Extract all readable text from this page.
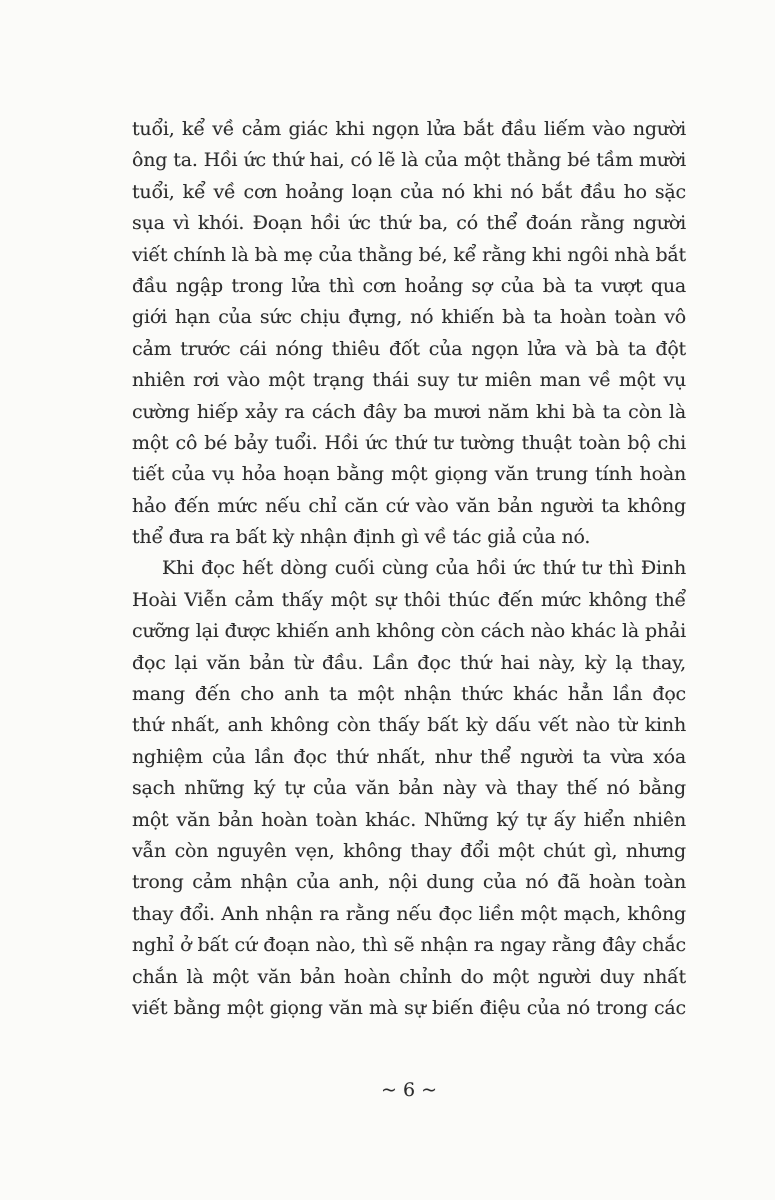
tuổi, kể về cảm giác khi ngọn lửa bắt đầu liếm vào người
ông ta. Hồi ức thứ hai, có lẽ là của một thằng bé tầm mười
tuổi, kể về cơn hoảng loạn của nó khi nó bắt đầu ho sặc
sụa vì khói. Đoạn hồi ức thứ ba, có thể đoán rằng người
viết chính là bà mẹ của thằng bé, kể rằng khi ngôi nhà bắt
đầu ngập trong lửa thì cơn hoảng sợ của bà ta vượt qua
giới hạn của sức chịu đựng, nó khiến bà ta hoàn toàn vô
cảm trước cái nóng thiêu đốt của ngọn lửa và bà ta đột
nhiên rơi vào một trạng thái suy tư miên man về một vụ
cường hiếp xảy ra cách đây ba mươi năm khi bà ta còn là
một cô bé bảy tuổi. Hồi ức thứ tư tường thuật toàn bộ chi
tiết của vụ hỏa hoạn bằng một giọng văn trung tính hoàn
hảo đến mức nếu chỉ căn cứ vào văn bản người ta không
thể đưa ra bất kỳ nhận định gì về tác giả của nó.
Khi đọc hết dòng cuối cùng của hồi ức thứ tư thì Đinh
Hoài Viễn cảm thấy một sự thôi thúc đến mức không thể
cưỡng lại được khiến anh không còn cách nào khác là phải
đọc lại văn bản từ đầu. Lần đọc thứ hai này, kỳ lạ thay,
mang đến cho anh ta một nhận thức khác hẳn lần đọc
thứ nhất, anh không còn thấy bất kỳ dấu vết nào từ kinh
nghiệm của lần đọc thứ nhất, như thể người ta vừa xóa
sạch những ký tự của văn bản này và thay thế nó bằng
một văn bản hoàn toàn khác. Những ký tự ấy hiển nhiên
vẫn còn nguyên vẹn, không thay đổi một chút gì, nhưng
trong cảm nhận của anh, nội dung của nó đã hoàn toàn
thay đổi. Anh nhận ra rằng nếu đọc liền một mạch, không
nghỉ ở bất cứ đoạn nào, thì sẽ nhận ra ngay rằng đây chắc
chắn là một văn bản hoàn chỉnh do một người duy nhất
viết bằng một giọng văn mà sự biến điệu của nó trong các
~ 6 ~
